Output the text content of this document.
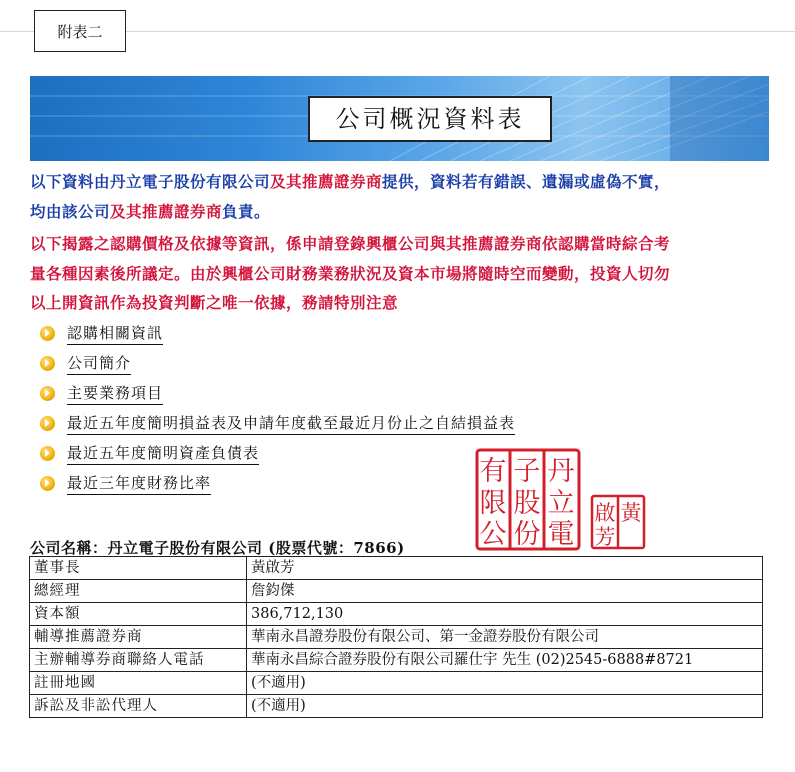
附表二
公司概況資料表
以下資料由丹立電子股份有限公司及其推薦證券商提供，資料若有錯誤、遺漏或虛偽不實，
均由該公司及其推薦證券商負責。
以下揭露之認購價格及依據等資訊，係申請登錄興櫃公司與其推薦證券商依認購當時綜合考
量各種因素後所議定。由於興櫃公司財務業務狀況及資本市場將隨時空而變動，投資人切勿
以上開資訊作為投資判斷之唯一依據，務請特別注意
認購相關資訊
公司簡介
主要業務項目
最近五年度簡明損益表及申請年度截至最近月份止之自結損益表
最近五年度簡明資產負債表
最近三年度財務比率	丹
立
電
子
股
份
有
限
公
黃
啟
芳
公司名稱：丹立電子股份有限公司 (股票代號：7866)
董事長	黃啟芳
總經理	詹鈞傑
資本額	386,712,130
輔導推薦證券商	華南永昌證券股份有限公司、第一金證券股份有限公司
主辦輔導券商聯絡人電話	華南永昌綜合證券股份有限公司羅仕宇 先生 (02)2545-6888#8721
註冊地國	(不適用)
訴訟及非訟代理人	(不適用)
